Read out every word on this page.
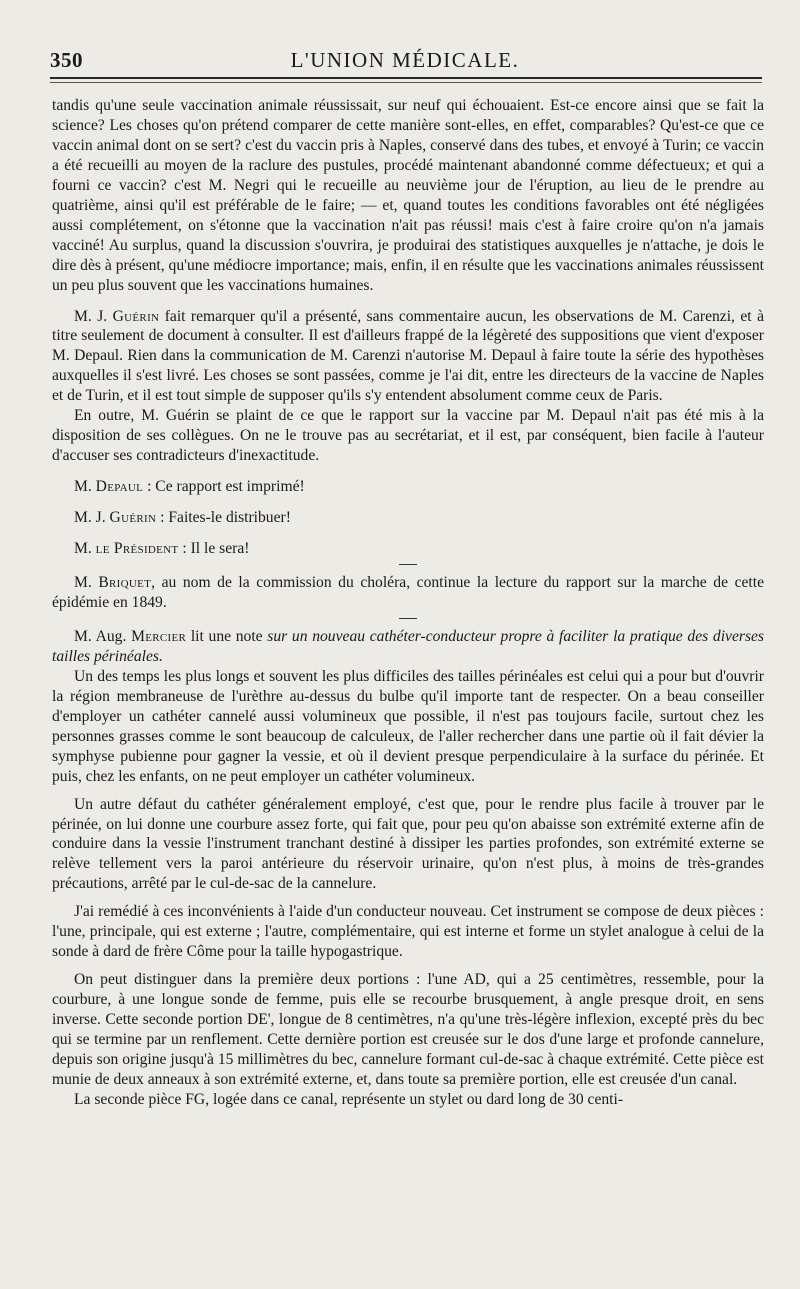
350	L'UNION MÉDICALE.

tandis qu'une seule vaccination animale réussissait, sur neuf qui échouaient. Est-ce encore ainsi que se fait la science? Les choses qu'on prétend comparer de cette manière sont-elles, en effet, comparables? Qu'est-ce que ce vaccin animal dont on se sert? c'est du vaccin pris à Naples, conservé dans des tubes, et envoyé à Turin; ce vaccin a été recueilli au moyen de la raclure des pustules, procédé maintenant abandonné comme défectueux; et qui a fourni ce vaccin? c'est M. Negri qui le recueille au neuvième jour de l'éruption, au lieu de le prendre au quatrième, ainsi qu'il est préférable de le faire; — et, quand toutes les conditions favorables ont été négligées aussi complétement, on s'étonne que la vaccination n'ait pas réussi! mais c'est à faire croire qu'on n'a jamais vacciné! Au surplus, quand la discussion s'ouvrira, je produirai des statistiques auxquelles je n'attache, je dois le dire dès à présent, qu'une médiocre importance; mais, enfin, il en résulte que les vaccinations animales réussissent un peu plus souvent que les vaccinations humaines.

M. J. Guérin fait remarquer qu'il a présenté, sans commentaire aucun, les observations de M. Carenzi, et à titre seulement de document à consulter. Il est d'ailleurs frappé de la légèreté des suppositions que vient d'exposer M. Depaul. Rien dans la communication de M. Carenzi n'autorise M. Depaul à faire toute la série des hypothèses auxquelles il s'est livré. Les choses se sont passées, comme je l'ai dit, entre les directeurs de la vaccine de Naples et de Turin, et il est tout simple de supposer qu'ils s'y entendent absolument comme ceux de Paris.

En outre, M. Guérin se plaint de ce que le rapport sur la vaccine par M. Depaul n'ait pas été mis à la disposition de ses collègues. On ne le trouve pas au secrétariat, et il est, par conséquent, bien facile à l'auteur d'accuser ses contradicteurs d'inexactitude.

M. Depaul : Ce rapport est imprimé!

M. J. Guérin : Faites-le distribuer!

M. le Président : Il le sera!

M. Briquet, au nom de la commission du choléra, continue la lecture du rapport sur la marche de cette épidémie en 1849.

M. Aug. Mercier lit une note sur un nouveau cathéter-conducteur propre à faciliter la pratique des diverses tailles périnéales.

Un des temps les plus longs et souvent les plus difficiles des tailles périnéales est celui qui a pour but d'ouvrir la région membraneuse de l'urèthre au-dessus du bulbe qu'il importe tant de respecter. On a beau conseiller d'employer un cathéter cannelé aussi volumineux que possible, il n'est pas toujours facile, surtout chez les personnes grasses comme le sont beaucoup de calculeux, de l'aller rechercher dans une partie où il fait dévier la symphyse pubienne pour gagner la vessie, et où il devient presque perpendiculaire à la surface du périnée. Et puis, chez les enfants, on ne peut employer un cathéter volumineux.

Un autre défaut du cathéter généralement employé, c'est que, pour le rendre plus facile à trouver par le périnée, on lui donne une courbure assez forte, qui fait que, pour peu qu'on abaisse son extrémité externe afin de conduire dans la vessie l'instrument tranchant destiné à dissiper les parties profondes, son extrémité externe se relève tellement vers la paroi antérieure du réservoir urinaire, qu'on n'est plus, à moins de très-grandes précautions, arrêté par le cul-de-sac de la cannelure.

J'ai remédié à ces inconvénients à l'aide d'un conducteur nouveau. Cet instrument se compose de deux pièces : l'une, principale, qui est externe ; l'autre, complémentaire, qui est interne et forme un stylet analogue à celui de la sonde à dard de frère Côme pour la taille hypogastrique.

On peut distinguer dans la première deux portions : l'une AD, qui a 25 centimètres, ressemble, pour la courbure, à une longue sonde de femme, puis elle se recourbe brusquement, à angle presque droit, en sens inverse. Cette seconde portion DE', longue de 8 centimètres, n'a qu'une très-légère inflexion, excepté près du bec qui se termine par un renflement. Cette dernière portion est creusée sur le dos d'une large et profonde cannelure, depuis son origine jusqu'à 15 millimètres du bec, cannelure formant cul-de-sac à chaque extrémité. Cette pièce est munie de deux anneaux à son extrémité externe, et, dans toute sa première portion, elle est creusée d'un canal.

La seconde pièce FG, logée dans ce canal, représente un stylet ou dard long de 30 centi-
